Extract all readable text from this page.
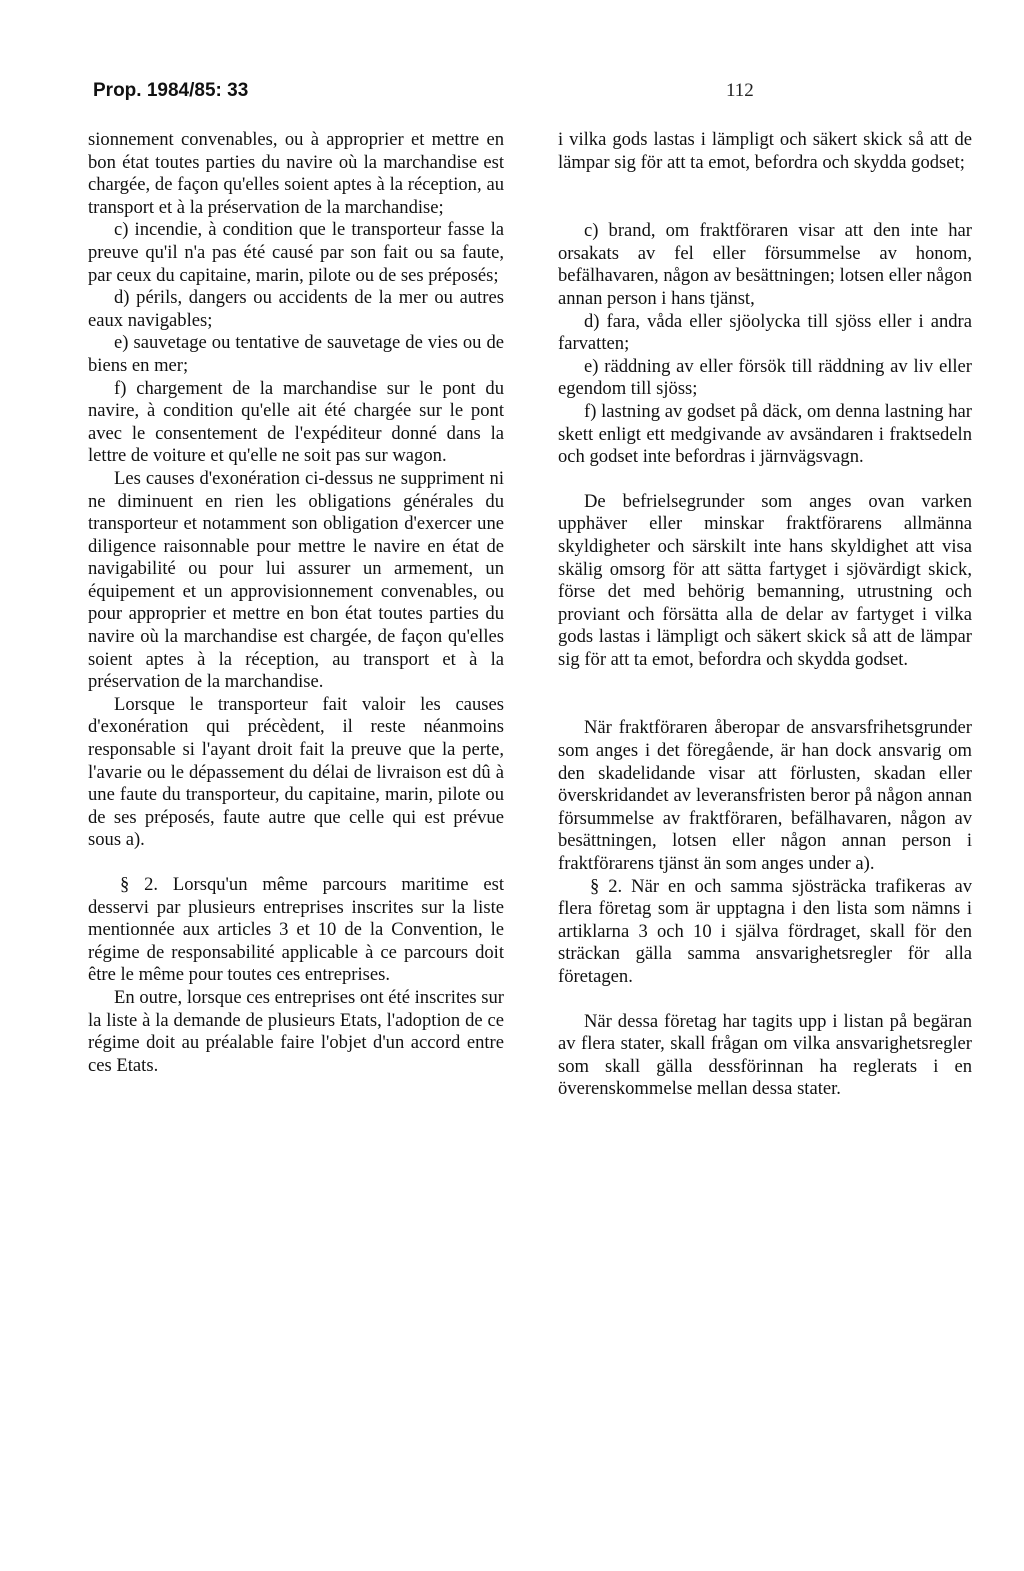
Prop. 1984/85: 33	112

sionnement convenables, ou à approprier et mettre en bon état toutes parties du navire où la marchandise est chargée, de façon qu'elles soient aptes à la réception, au transport et à la préservation de la marchandise;

c) incendie, à condition que le transporteur fasse la preuve qu'il n'a pas été causé par son fait ou sa faute, par ceux du capitaine, marin, pilote ou de ses préposés;

d) périls, dangers ou accidents de la mer ou autres eaux navigables;

e) sauvetage ou tentative de sauvetage de vies ou de biens en mer;

f) chargement de la marchandise sur le pont du navire, à condition qu'elle ait été chargée sur le pont avec le consentement de l'expéditeur donné dans la lettre de voiture et qu'elle ne soit pas sur wagon.

Les causes d'exonération ci-dessus ne suppriment ni ne diminuent en rien les obligations générales du transporteur et notamment son obligation d'exercer une diligence raisonnable pour mettre le navire en état de navigabilité ou pour lui assurer un armement, un équipement et un approvisionnement convenables, ou pour approprier et mettre en bon état toutes parties du navire où la marchandise est chargée, de façon qu'elles soient aptes à la réception, au transport et à la préservation de la marchandise.

Lorsque le transporteur fait valoir les causes d'exonération qui précèdent, il reste néanmoins responsable si l'ayant droit fait la preuve que la perte, l'avarie ou le dépassement du délai de livraison est dû à une faute du transporteur, du capitaine, marin, pilote ou de ses préposés, faute autre que celle qui est prévue sous a).

§ 2. Lorsqu'un même parcours maritime est desservi par plusieurs entreprises inscrites sur la liste mentionnée aux articles 3 et 10 de la Convention, le régime de responsabilité applicable à ce parcours doit être le même pour toutes ces entreprises.

En outre, lorsque ces entreprises ont été inscrites sur la liste à la demande de plusieurs Etats, l'adoption de ce régime doit au préalable faire l'objet d'un accord entre ces Etats.

i vilka gods lastas i lämpligt och säkert skick så att de lämpar sig för att ta emot, befordra och skydda godset;

c) brand, om fraktföraren visar att den inte har orsakats av fel eller försummelse av honom, befälhavaren, någon av besättningen; lotsen eller någon annan person i hans tjänst,

d) fara, våda eller sjöolycka till sjöss eller i andra farvatten;

e) räddning av eller försök till räddning av liv eller egendom till sjöss;

f) lastning av godset på däck, om denna lastning har skett enligt ett medgivande av avsändaren i fraktsedeln och godset inte befordras i järnvägsvagn.

De befrielsegrunder som anges ovan varken upphäver eller minskar fraktförarens allmänna skyldigheter och särskilt inte hans skyldighet att visa skälig omsorg för att sätta fartyget i sjövärdigt skick, förse det med behörig bemanning, utrustning och proviant och försätta alla de delar av fartyget i vilka gods lastas i lämpligt och säkert skick så att de lämpar sig för att ta emot, befordra och skydda godset.

När fraktföraren åberopar de ansvarsfrihetsgrunder som anges i det föregående, är han dock ansvarig om den skadelidande visar att förlusten, skadan eller överskridandet av leveransfristen beror på någon annan försummelse av fraktföraren, befälhavaren, någon av besättningen, lotsen eller någon annan person i fraktförarens tjänst än som anges under a).

§ 2. När en och samma sjösträcka trafikeras av flera företag som är upptagna i den lista som nämns i artiklarna 3 och 10 i själva fördraget, skall för den sträckan gälla samma ansvarighetsregler för alla företagen.

När dessa företag har tagits upp i listan på begäran av flera stater, skall frågan om vilka ansvarighetsregler som skall gälla dessförinnan ha reglerats i en överenskommelse mellan dessa stater.
